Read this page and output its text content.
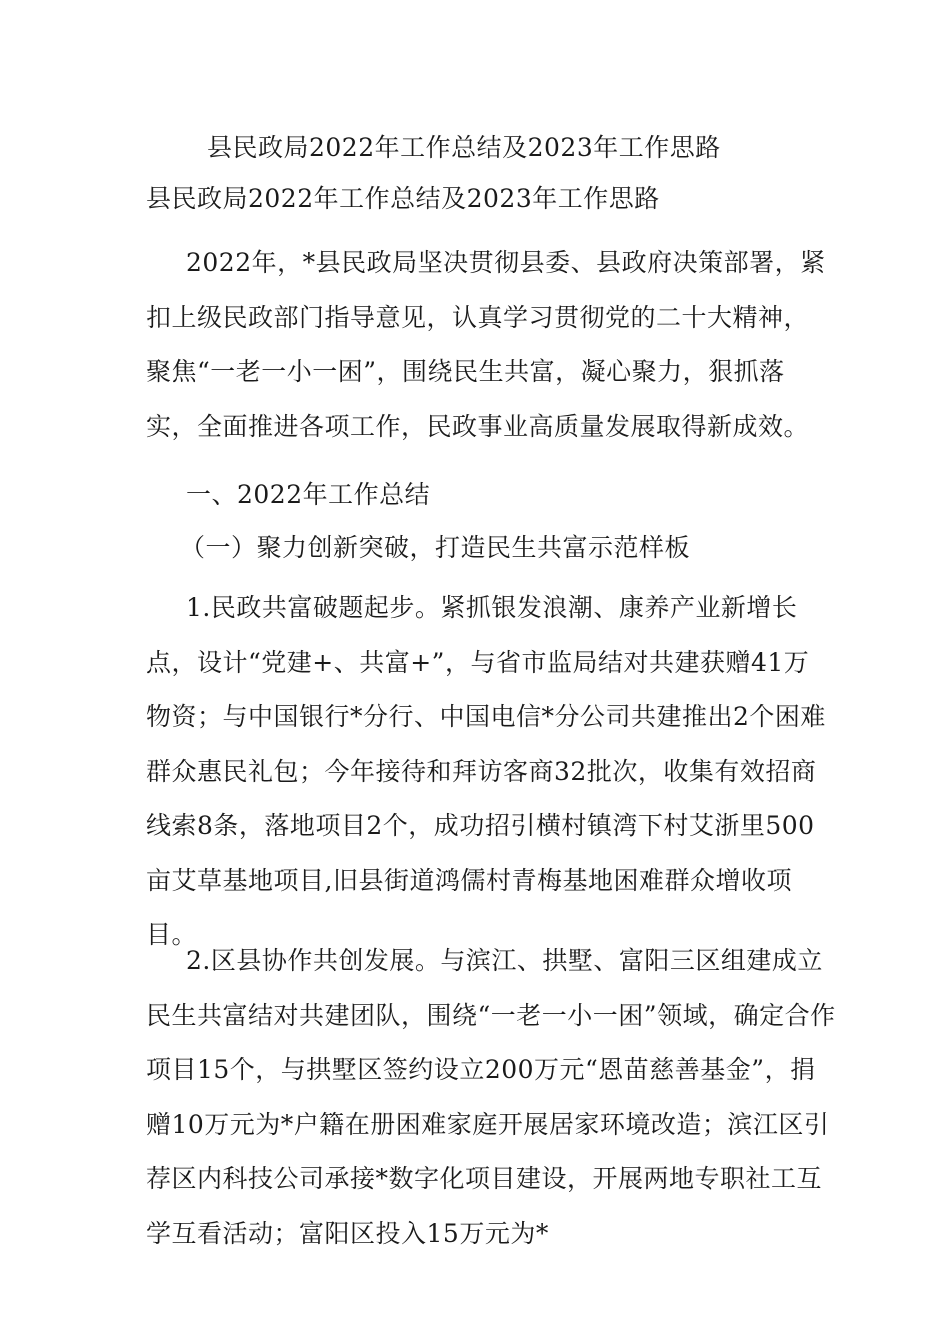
县民政局2022年工作总结及2023年工作思路
县民政局2022年工作总结及2023年工作思路
2022年，*县民政局坚决贯彻县委、县政府决策部署，紧扣上级民政部门指导意见，认真学习贯彻党的二十大精神，聚焦“一老一小一困”，围绕民生共富，凝心聚力，狠抓落实，全面推进各项工作，民政事业高质量发展取得新成效。
一、2022年工作总结
（一）聚力创新突破，打造民生共富示范样板
1.民政共富破题起步。紧抓银发浪潮、康养产业新增长点，设计“党建+、共富+”，与省市监局结对共建获赠41万物资；与中国银行*分行、中国电信*分公司共建推出2个困难群众惠民礼包；今年接待和拜访客商32批次，收集有效招商线索8条，落地项目2个，成功招引横村镇湾下村艾浙里500亩艾草基地项目,旧县街道鸿儒村青梅基地困难群众增收项目。
2.区县协作共创发展。与滨江、拱墅、富阳三区组建成立民生共富结对共建团队，围绕“一老一小一困”领域，确定合作项目15个，与拱墅区签约设立200万元“恩苗慈善基金”，捐赠10万元为*户籍在册困难家庭开展居家环境改造；滨江区引荐区内科技公司承接*数字化项目建设，开展两地专职社工互学互看活动；富阳区投入15万元为*
